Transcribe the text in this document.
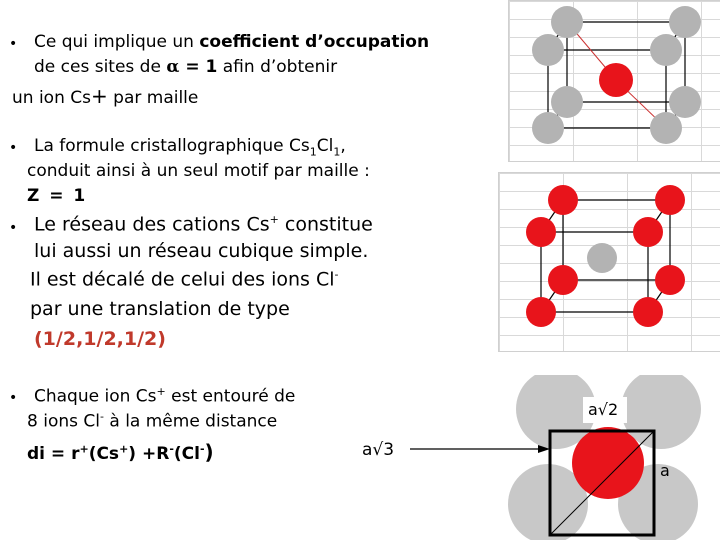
• Ce qui implique un coefficient d’occupation
de ces sites de α = 1 afin d’obtenir
un ion Cs+ par maille
• La formule cristallographique $Cs_1Cl_1$,
conduit ainsi à un seul motif par maille :
Z = 1
• Le réseau des cations Cs+ constitue
lui aussi un réseau cubique simple.
Il est décalé de celui des ions Cl-
par une translation de type
(1/2,1/2,1/2)
• Chaque ion Cs+ est entouré de
8 ions Cl- à la même distance
di = r+(Cs+) +R-(Cl-)	a√3
a√2
a
